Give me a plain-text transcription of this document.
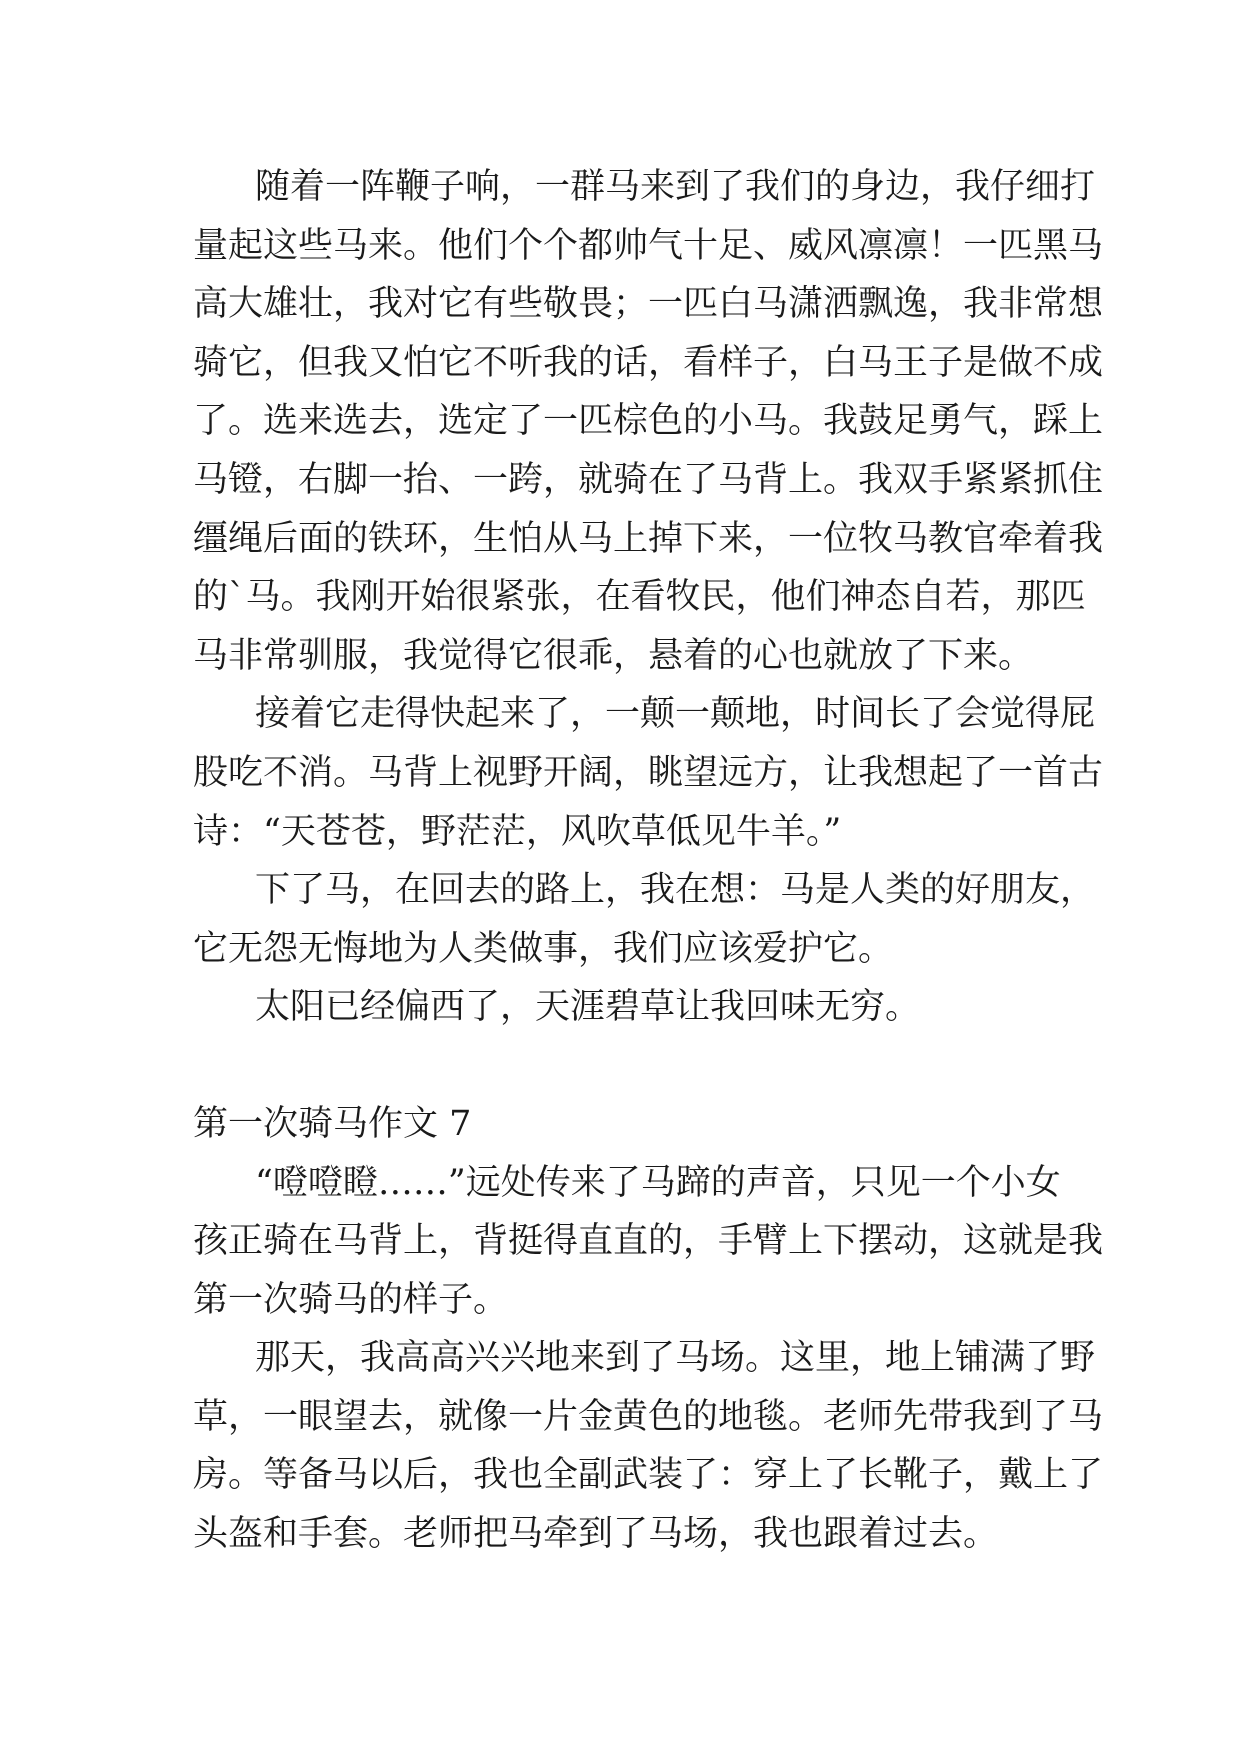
随着一阵鞭子响，一群马来到了我们的身边，我仔细打
量起这些马来。他们个个都帅气十足、威风凛凛！一匹黑马
高大雄壮，我对它有些敬畏；一匹白马潇洒飘逸，我非常想
骑它，但我又怕它不听我的话，看样子，白马王子是做不成
了。选来选去，选定了一匹棕色的小马。我鼓足勇气，踩上
马镫，右脚一抬、一跨，就骑在了马背上。我双手紧紧抓住
缰绳后面的铁环，生怕从马上掉下来，一位牧马教官牵着我
的`马。我刚开始很紧张，在看牧民，他们神态自若，那匹
马非常驯服，我觉得它很乖，悬着的心也就放了下来。
接着它走得快起来了，一颠一颠地，时间长了会觉得屁
股吃不消。马背上视野开阔，眺望远方，让我想起了一首古
诗：“天苍苍，野茫茫，风吹草低见牛羊。”
下了马，在回去的路上，我在想：马是人类的好朋友，
它无怨无悔地为人类做事，我们应该爱护它。
太阳已经偏西了，天涯碧草让我回味无穷。
第一次骑马作文 7
“噔噔瞪……”远处传来了马蹄的声音，只见一个小女
孩正骑在马背上，背挺得直直的，手臂上下摆动，这就是我
第一次骑马的样子。
那天，我高高兴兴地来到了马场。这里，地上铺满了野
草，一眼望去，就像一片金黄色的地毯。老师先带我到了马
房。等备马以后，我也全副武装了：穿上了长靴子，戴上了
头盔和手套。老师把马牵到了马场，我也跟着过去。
